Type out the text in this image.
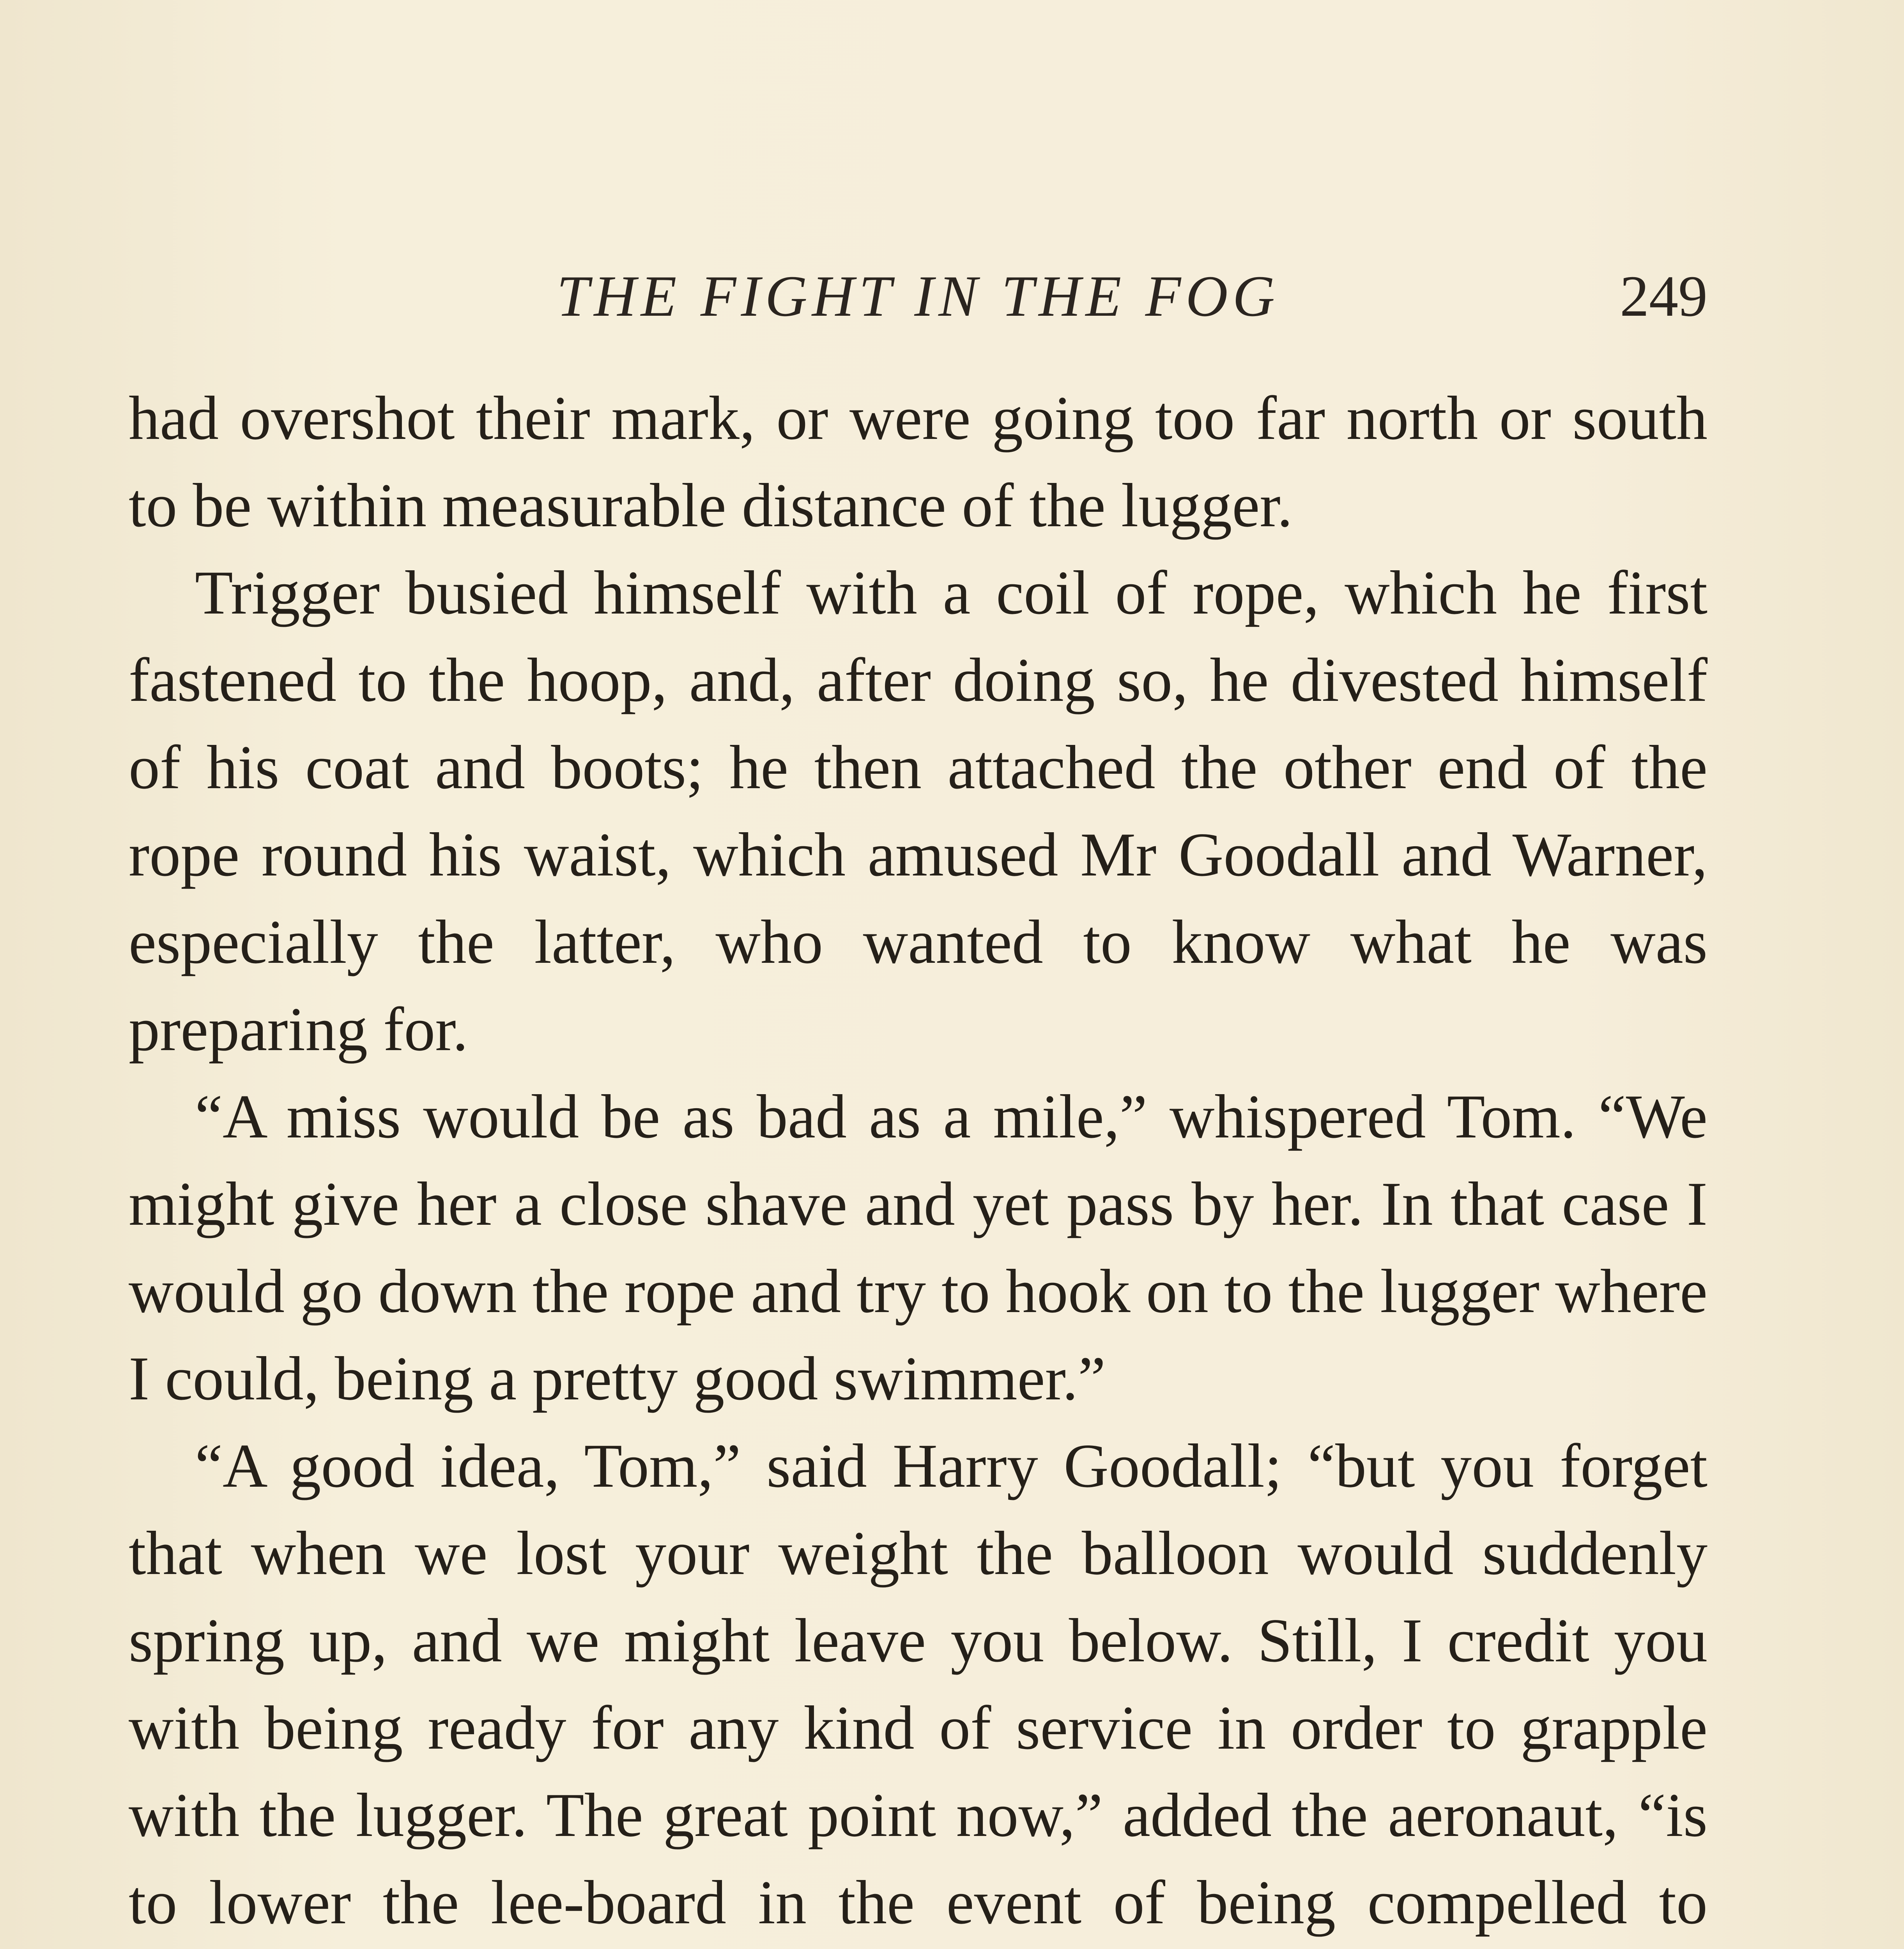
THE FIGHT IN THE FOG	249

had overshot their mark, or were going too far north or south to be within measurable distance of the lugger.

Trigger busied himself with a coil of rope, which he first fastened to the hoop, and, after doing so, he divested himself of his coat and boots; he then attached the other end of the rope round his waist, which amused Mr Goodall and Warner, especially the latter, who wanted to know what he was preparing for.

“A miss would be as bad as a mile,” whispered Tom. “We might give her a close shave and yet pass by her. In that case I would go down the rope and try to hook on to the lugger where I could, being a pretty good swimmer.”

“A good idea, Tom,” said Harry Goodall; “but you forget that when we lost your weight the balloon would suddenly spring up, and we might leave you below. Still, I credit you with being ready for any kind of service in order to grapple with the lugger. The great point now,” added the aeronaut, “is to lower the lee-board in the event of being compelled to
